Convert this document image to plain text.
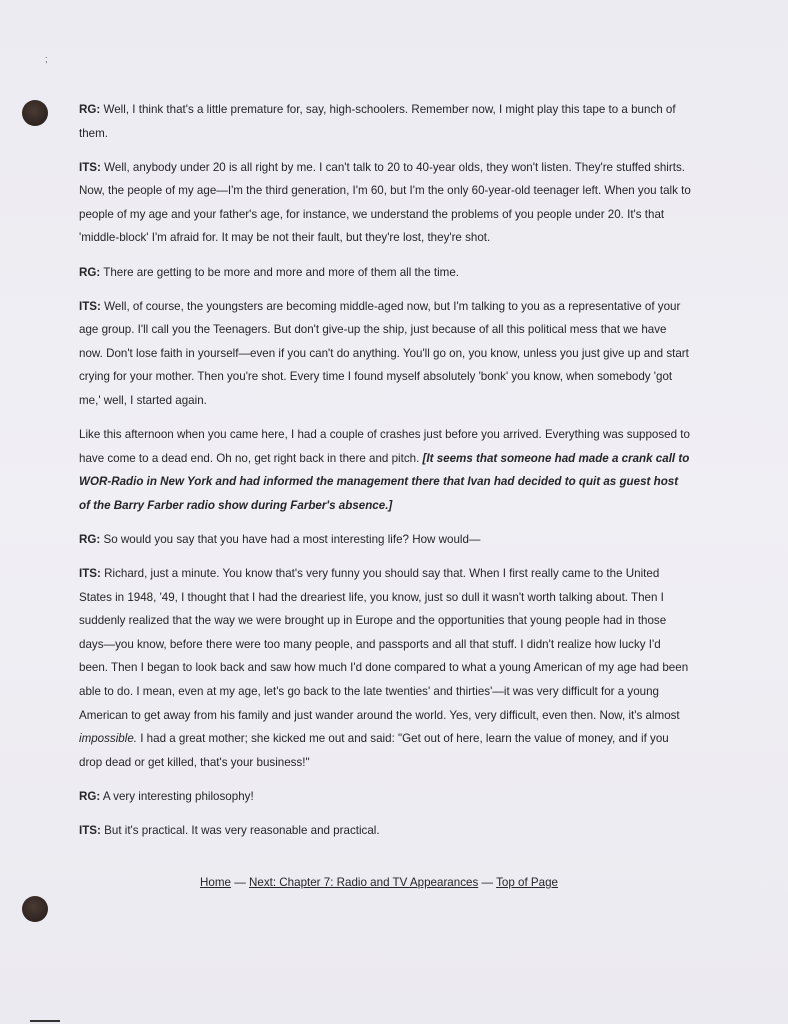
;

RG: Well, I think that's a little premature for, say, high-schoolers. Remember now, I might play this tape to a bunch of them.

ITS: Well, anybody under 20 is all right by me. I can't talk to 20 to 40-year olds, they won't listen. They're stuffed shirts. Now, the people of my age—I'm the third generation, I'm 60, but I'm the only 60-year-old teenager left. When you talk to people of my age and your father's age, for instance, we understand the problems of you people under 20. It's that 'middle-block' I'm afraid for. It may be not their fault, but they're lost, they're shot.

RG: There are getting to be more and more and more of them all the time.

ITS: Well, of course, the youngsters are becoming middle-aged now, but I'm talking to you as a representative of your age group. I'll call you the Teenagers. But don't give-up the ship, just because of all this political mess that we have now. Don't lose faith in yourself—even if you can't do anything. You'll go on, you know, unless you just give up and start crying for your mother. Then you're shot. Every time I found myself absolutely 'bonk' you know, when somebody 'got me,' well, I started again.

Like this afternoon when you came here, I had a couple of crashes just before you arrived. Everything was supposed to have come to a dead end. Oh no, get right back in there and pitch. [It seems that someone had made a crank call to WOR-Radio in New York and had informed the management there that Ivan had decided to quit as guest host of the Barry Farber radio show during Farber's absence.]

RG: So would you say that you have had a most interesting life? How would—

ITS: Richard, just a minute. You know that's very funny you should say that. When I first really came to the United States in 1948, '49, I thought that I had the dreariest life, you know, just so dull it wasn't worth talking about. Then I suddenly realized that the way we were brought up in Europe and the opportunities that young people had in those days—you know, before there were too many people, and passports and all that stuff. I didn't realize how lucky I'd been. Then I began to look back and saw how much I'd done compared to what a young American of my age had been able to do. I mean, even at my age, let's go back to the late twenties' and thirties'—it was very difficult for a young American to get away from his family and just wander around the world. Yes, very difficult, even then. Now, it's almost impossible. I had a great mother; she kicked me out and said: "Get out of here, learn the value of money, and if you drop dead or get killed, that's your business!"

RG: A very interesting philosophy!

ITS: But it's practical. It was very reasonable and practical.

Home — Next: Chapter 7: Radio and TV Appearances — Top of Page
